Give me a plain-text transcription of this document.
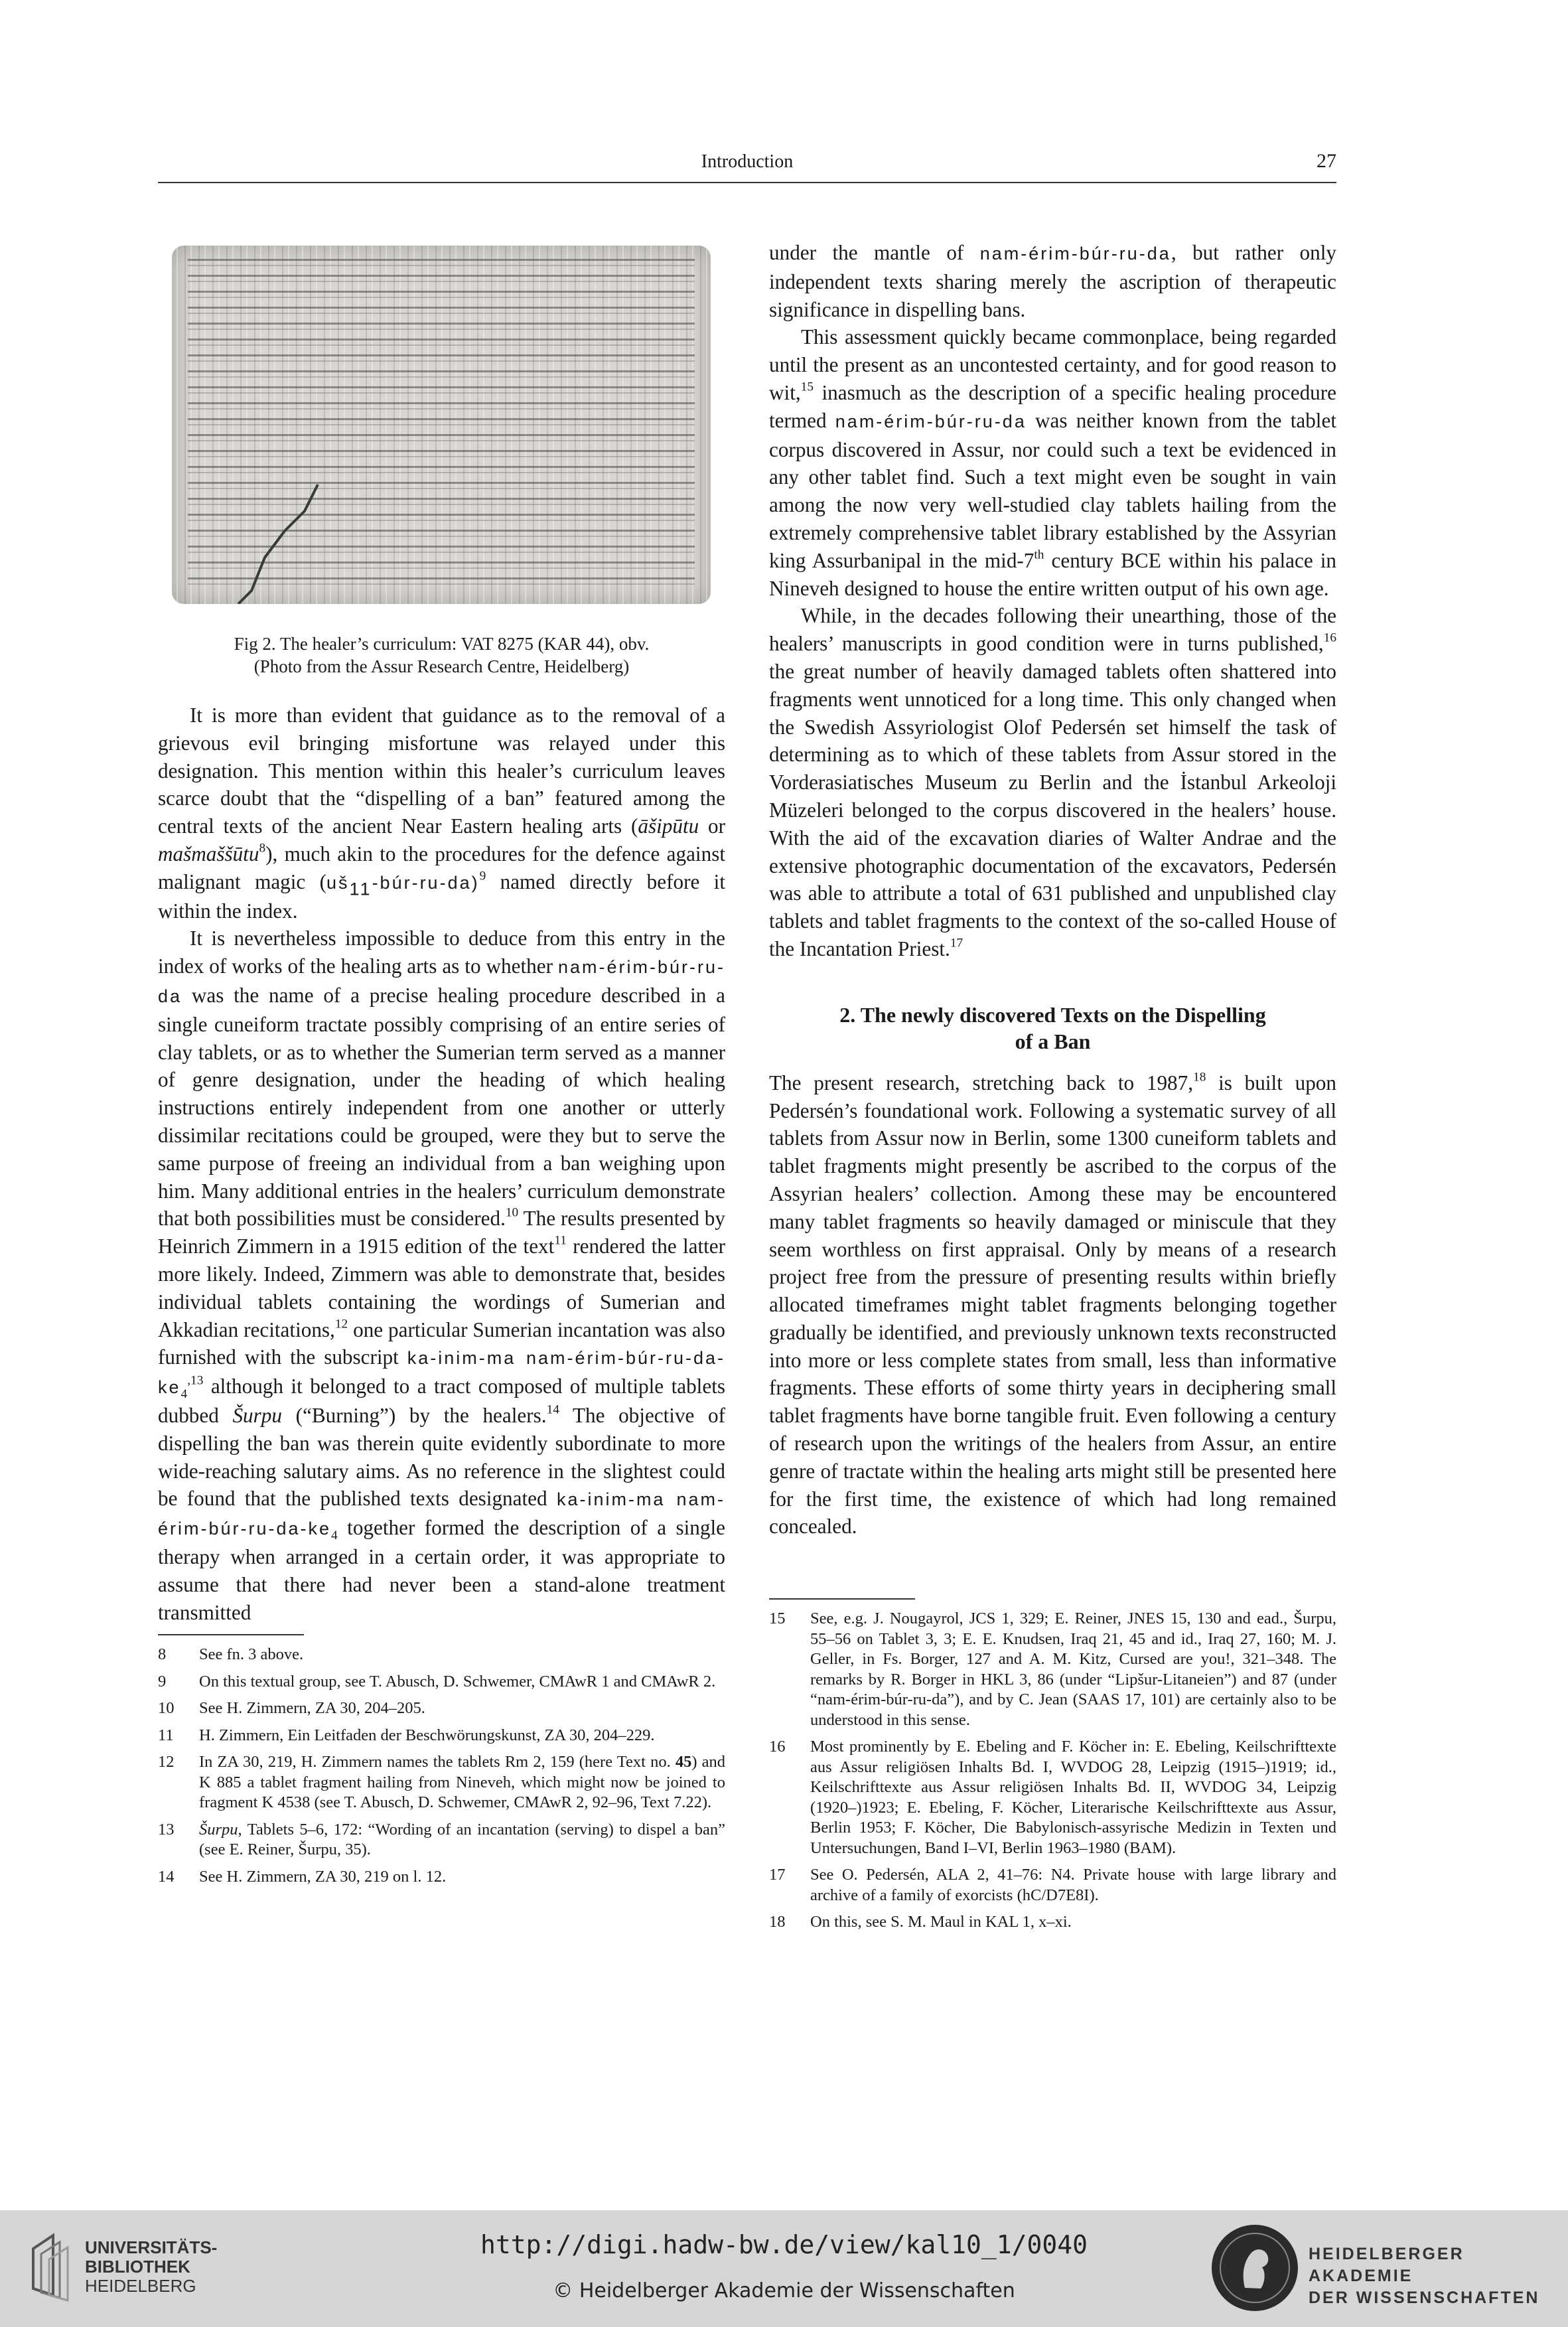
Introduction	27
Fig 2. The healer’s curriculum: VAT 8275 (KAR 44), obv.
(Photo from the Assur Research Centre, Heidelberg)

It is more than evident that guidance as to the removal of a grievous evil bringing misfortune was relayed under this designation. This mention within this healer’s curriculum leaves scarce doubt that the “dispelling of a ban” featured among the central texts of the ancient Near Eastern healing arts (āšipūtu or mašmaššūtu$^8$), much akin to the procedures for the defence against malignant magic $(uš_{11}-búr-ru-da)^9$ named directly before it within the index.

It is nevertheless impossible to deduce from this entry in the index of works of the healing arts as to whether nam-érim-búr-ru-da was the name of a precise healing procedure described in a single cuneiform tractate possibly comprising of an entire series of clay tablets, or as to whether the Sumerian term served as a manner of genre designation, under the heading of which healing instructions entirely independent from one another or utterly dissimilar recitations could be grouped, were they but to serve the same purpose of freeing an individual from a ban weighing upon him. Many additional entries in the healers’ curriculum demonstrate that both possibilities must be considered.$^{10}$ The results presented by Heinrich Zimmern in a 1915 edition of the text$^{11}$ rendered the latter more likely. Indeed, Zimmern was able to demonstrate that, besides individual tablets containing the wordings of Sumerian and Akkadian recitations,$^{12}$ one particular Sumerian incantation was also furnished with the subscript ka-inim-ma nam-$érim-búr-ru-da-ke_4^{,13}$ although it belonged to a tract composed of multiple tablets dubbed Šurpu (“Burning”) by the healers.$^{14}$ The objective of dispelling the ban was therein quite evidently subordinate to more wide-reaching salutary aims. As no reference in the slightest could be found that the published texts designated ka-inim-ma nam-$érim-búr-ru-da-ke_4$ together formed the description of a single therapy when arranged in a certain order, it was appropriate to assume that there had never been a stand-alone treatment transmitted

8	See fn. 3 above.
9	On this textual group, see T. Abusch, D. Schwemer, CMAwR 1 and CMAwR 2.
10	See H. Zimmern, ZA 30, 204–205.
11	H. Zimmern, Ein Leitfaden der Beschwörungskunst, ZA 30, 204–229.
12	In ZA 30, 219, H. Zimmern names the tablets Rm 2, 159 (here Text no. 45) and K 885 a tablet fragment hailing from Nineveh, which might now be joined to fragment K 4538 (see T. Abusch, D. Schwemer, CMAwR 2, 92–96, Text 7.22).
13	Šurpu, Tablets 5–6, 172: “Wording of an incantation (serving) to dispel a ban” (see E. Reiner, Šurpu, 35).
14	See H. Zimmern, ZA 30, 219 on l. 12.

under the mantle of nam-érim-búr-ru-da, but rather only independent texts sharing merely the ascription of therapeutic significance in dispelling bans.

This assessment quickly became commonplace, being regarded until the present as an uncontested certainty, and for good reason to wit,$^{15}$ inasmuch as the description of a specific healing procedure termed nam-érim-búr-ru-da was neither known from the tablet corpus discovered in Assur, nor could such a text be evidenced in any other tablet find. Such a text might even be sought in vain among the now very well-studied clay tablets hailing from the extremely comprehensive tablet library established by the Assyrian king Assurbanipal in the mid-7th century BCE within his palace in Nineveh designed to house the entire written output of his own age.

While, in the decades following their unearthing, those of the healers’ manuscripts in good condition were in turns published,$^{16}$ the great number of heavily damaged tablets often shattered into fragments went unnoticed for a long time. This only changed when the Swedish Assyriologist Olof Pedersén set himself the task of determining as to which of these tablets from Assur stored in the Vorderasiatisches Museum zu Berlin and the İstanbul Arkeoloji Müzeleri belonged to the corpus discovered in the healers’ house. With the aid of the excavation diaries of Walter Andrae and the extensive photographic documentation of the excavators, Pedersén was able to attribute a total of 631 published and unpublished clay tablets and tablet fragments to the context of the so-called House of the Incantation Priest.$^{17}$

2. The newly discovered Texts on the Dispelling
of a Ban

The present research, stretching back to 1987,18 is built upon Pedersén’s foundational work. Following a systematic survey of all tablets from Assur now in Berlin, some 1300 cuneiform tablets and tablet fragments might presently be ascribed to the corpus of the Assyrian healers’ collection. Among these may be encountered many tablet fragments so heavily damaged or miniscule that they seem worthless on first appraisal. Only by means of a research project free from the pressure of presenting results within briefly allocated timeframes might tablet fragments belonging together gradually be identified, and previously unknown texts reconstructed into more or less complete states from small, less than informative fragments. These efforts of some thirty years in deciphering small tablet fragments have borne tangible fruit. Even following a century of research upon the writings of the healers from Assur, an entire genre of tractate within the healing arts might still be presented here for the first time, the existence of which had long remained concealed.

15	See, e.g. J. Nougayrol, JCS 1, 329; E. Reiner, JNES 15, 130 and ead., Šurpu, 55–56 on Tablet 3, 3; E. E. Knudsen, Iraq 21, 45 and id., Iraq 27, 160; M. J. Geller, in Fs. Borger, 127 and A. M. Kitz, Cursed are you!, 321–348. The remarks by R. Borger in HKL 3, 86 (under “Lipšur-Litaneien”) and 87 (under “nam-érim-búr-ru-da”), and by C. Jean (SAAS 17, 101) are certainly also to be understood in this sense.
16	Most prominently by E. Ebeling and F. Köcher in: E. Ebeling, Keilschrifttexte aus Assur religiösen Inhalts Bd. I, WVDOG 28, Leipzig (1915–)1919; id., Keilschrifttexte aus Assur religiösen Inhalts Bd. II, WVDOG 34, Leipzig (1920–)1923; E. Ebeling, F. Köcher, Literarische Keilschrifttexte aus Assur, Berlin 1953; F. Köcher, Die Babylonisch-assyrische Medizin in Texten und Untersuchungen, Band I–VI, Berlin 1963–1980 (BAM).
17	See O. Pedersén, ALA 2, 41–76: N4. Private house with large library and archive of a family of exorcists (hC/D7E8I).
18	On this, see S. M. Maul in KAL 1, x–xi.
UNIVERSITÄTS-
BIBLIOTHEK
HEIDELBERG
http://digi.hadw-bw.de/view/kal10_1/0040
© Heidelberger Akademie der Wissenschaften
HEIDELBERGER AKADEMIE
DER WISSENSCHAFTEN
